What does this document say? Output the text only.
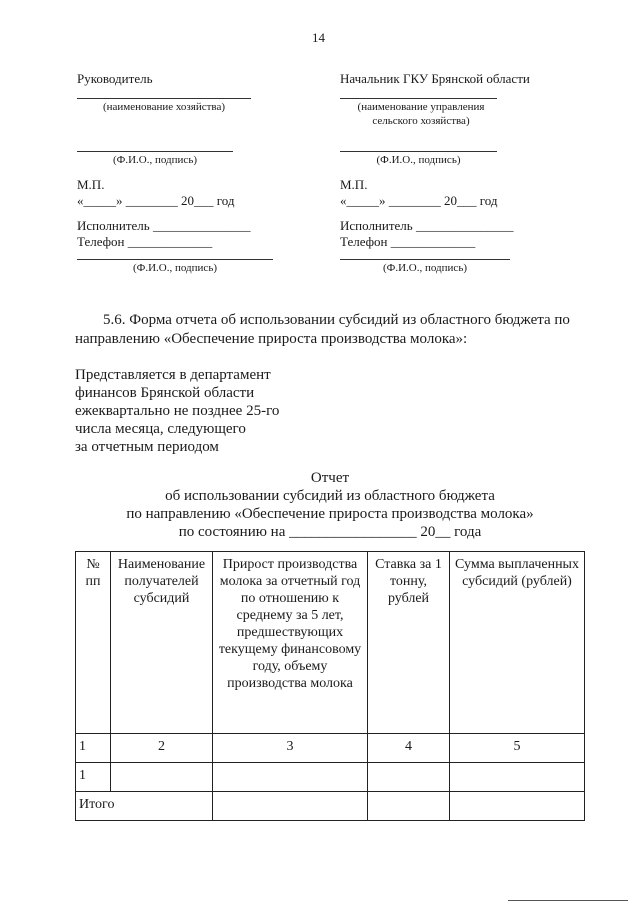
14
Руководитель
(наименование хозяйства)
(Ф.И.О., подпись)
М.П.
«_____» ________ 20___ год
Исполнитель _______________
Телефон _____________
(Ф.И.О., подпись)
Начальник ГКУ Брянской области
(наименование управления
сельского хозяйства)
(Ф.И.О., подпись)
М.П.
«_____» ________ 20___ год
Исполнитель _______________
Телефон _____________
(Ф.И.О., подпись)
5.6. Форма отчета об использовании субсидий из областного бюджета по
направлению «Обеспечение прироста производства молока»:
Представляется в департамент
финансов Брянской области
ежеквартально не позднее 25-го
числа месяца, следующего
за отчетным периодом
Отчет
об использовании субсидий из областного бюджета
по направлению «Обеспечение прироста производства молока»
по состоянию на _________________ 20__ года
№ пп	Наименование получателей субсидий	Прирост производства молока за отчетный год по отношению к среднему за 5 лет, предшествующих текущему финансовому году, объему производства молока	Ставка за 1 тонну, рублей	Сумма выплаченных субсидий (рублей)
1	2	3	4	5
1				
Итого				
